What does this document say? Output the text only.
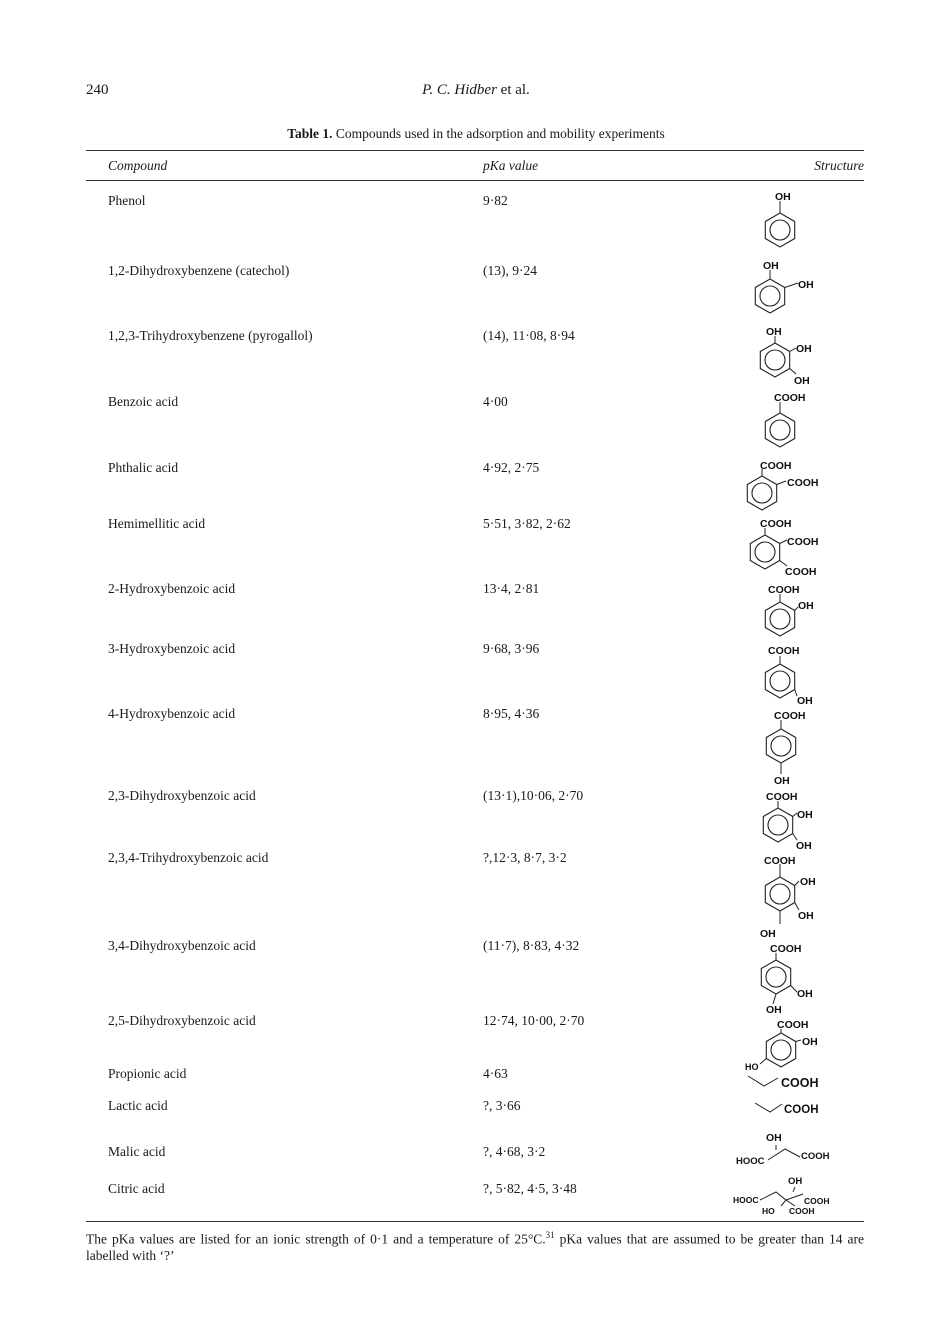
240	P. C. Hidber et al.
Table 1. Compounds used in the adsorption and mobility experiments
Compound	pKa value	Structure
Phenol	9·82
1,2-Dihydroxybenzene (catechol)	(13), 9·24
1,2,3-Trihydroxybenzene (pyrogallol)	(14), 11·08, 8·94
Benzoic acid	4·00
Phthalic acid	4·92, 2·75
Hemimellitic acid	5·51, 3·82, 2·62
2-Hydroxybenzoic acid	13·4, 2·81
3-Hydroxybenzoic acid	9·68, 3·96
4-Hydroxybenzoic acid	8·95, 4·36
2,3-Dihydroxybenzoic acid	(13·1),10·06, 2·70
2,3,4-Trihydroxybenzoic acid	?,12·3, 8·7, 3·2
3,4-Dihydroxybenzoic acid	(11·7), 8·83, 4·32
2,5-Dihydroxybenzoic acid	12·74, 10·00, 2·70
Propionic acid	4·63
Lactic acid	?, 3·66
Malic acid	?, 4·68, 3·2
Citric acid	?, 5·82, 4·5, 3·48
OH
OH
OH
OH
OH
OH
COOH
COOH
COOH
COOH
COOH
COOH
COOH
OH
COOH
OH
COOH
OH
COOH
OH
OH
COOH
OH
OH
OH
COOH
OH
OH
COOH
OH
HO
COOH
COOH
OH
HOOC	COOH
OH
HOOC	COOH
HO COOH
The pKa values are listed for an ionic strength of 0·1 and a temperature of 25°C.$^{31}$ pKa values that are assumed to be greater than 14 are labelled with ‘?’
